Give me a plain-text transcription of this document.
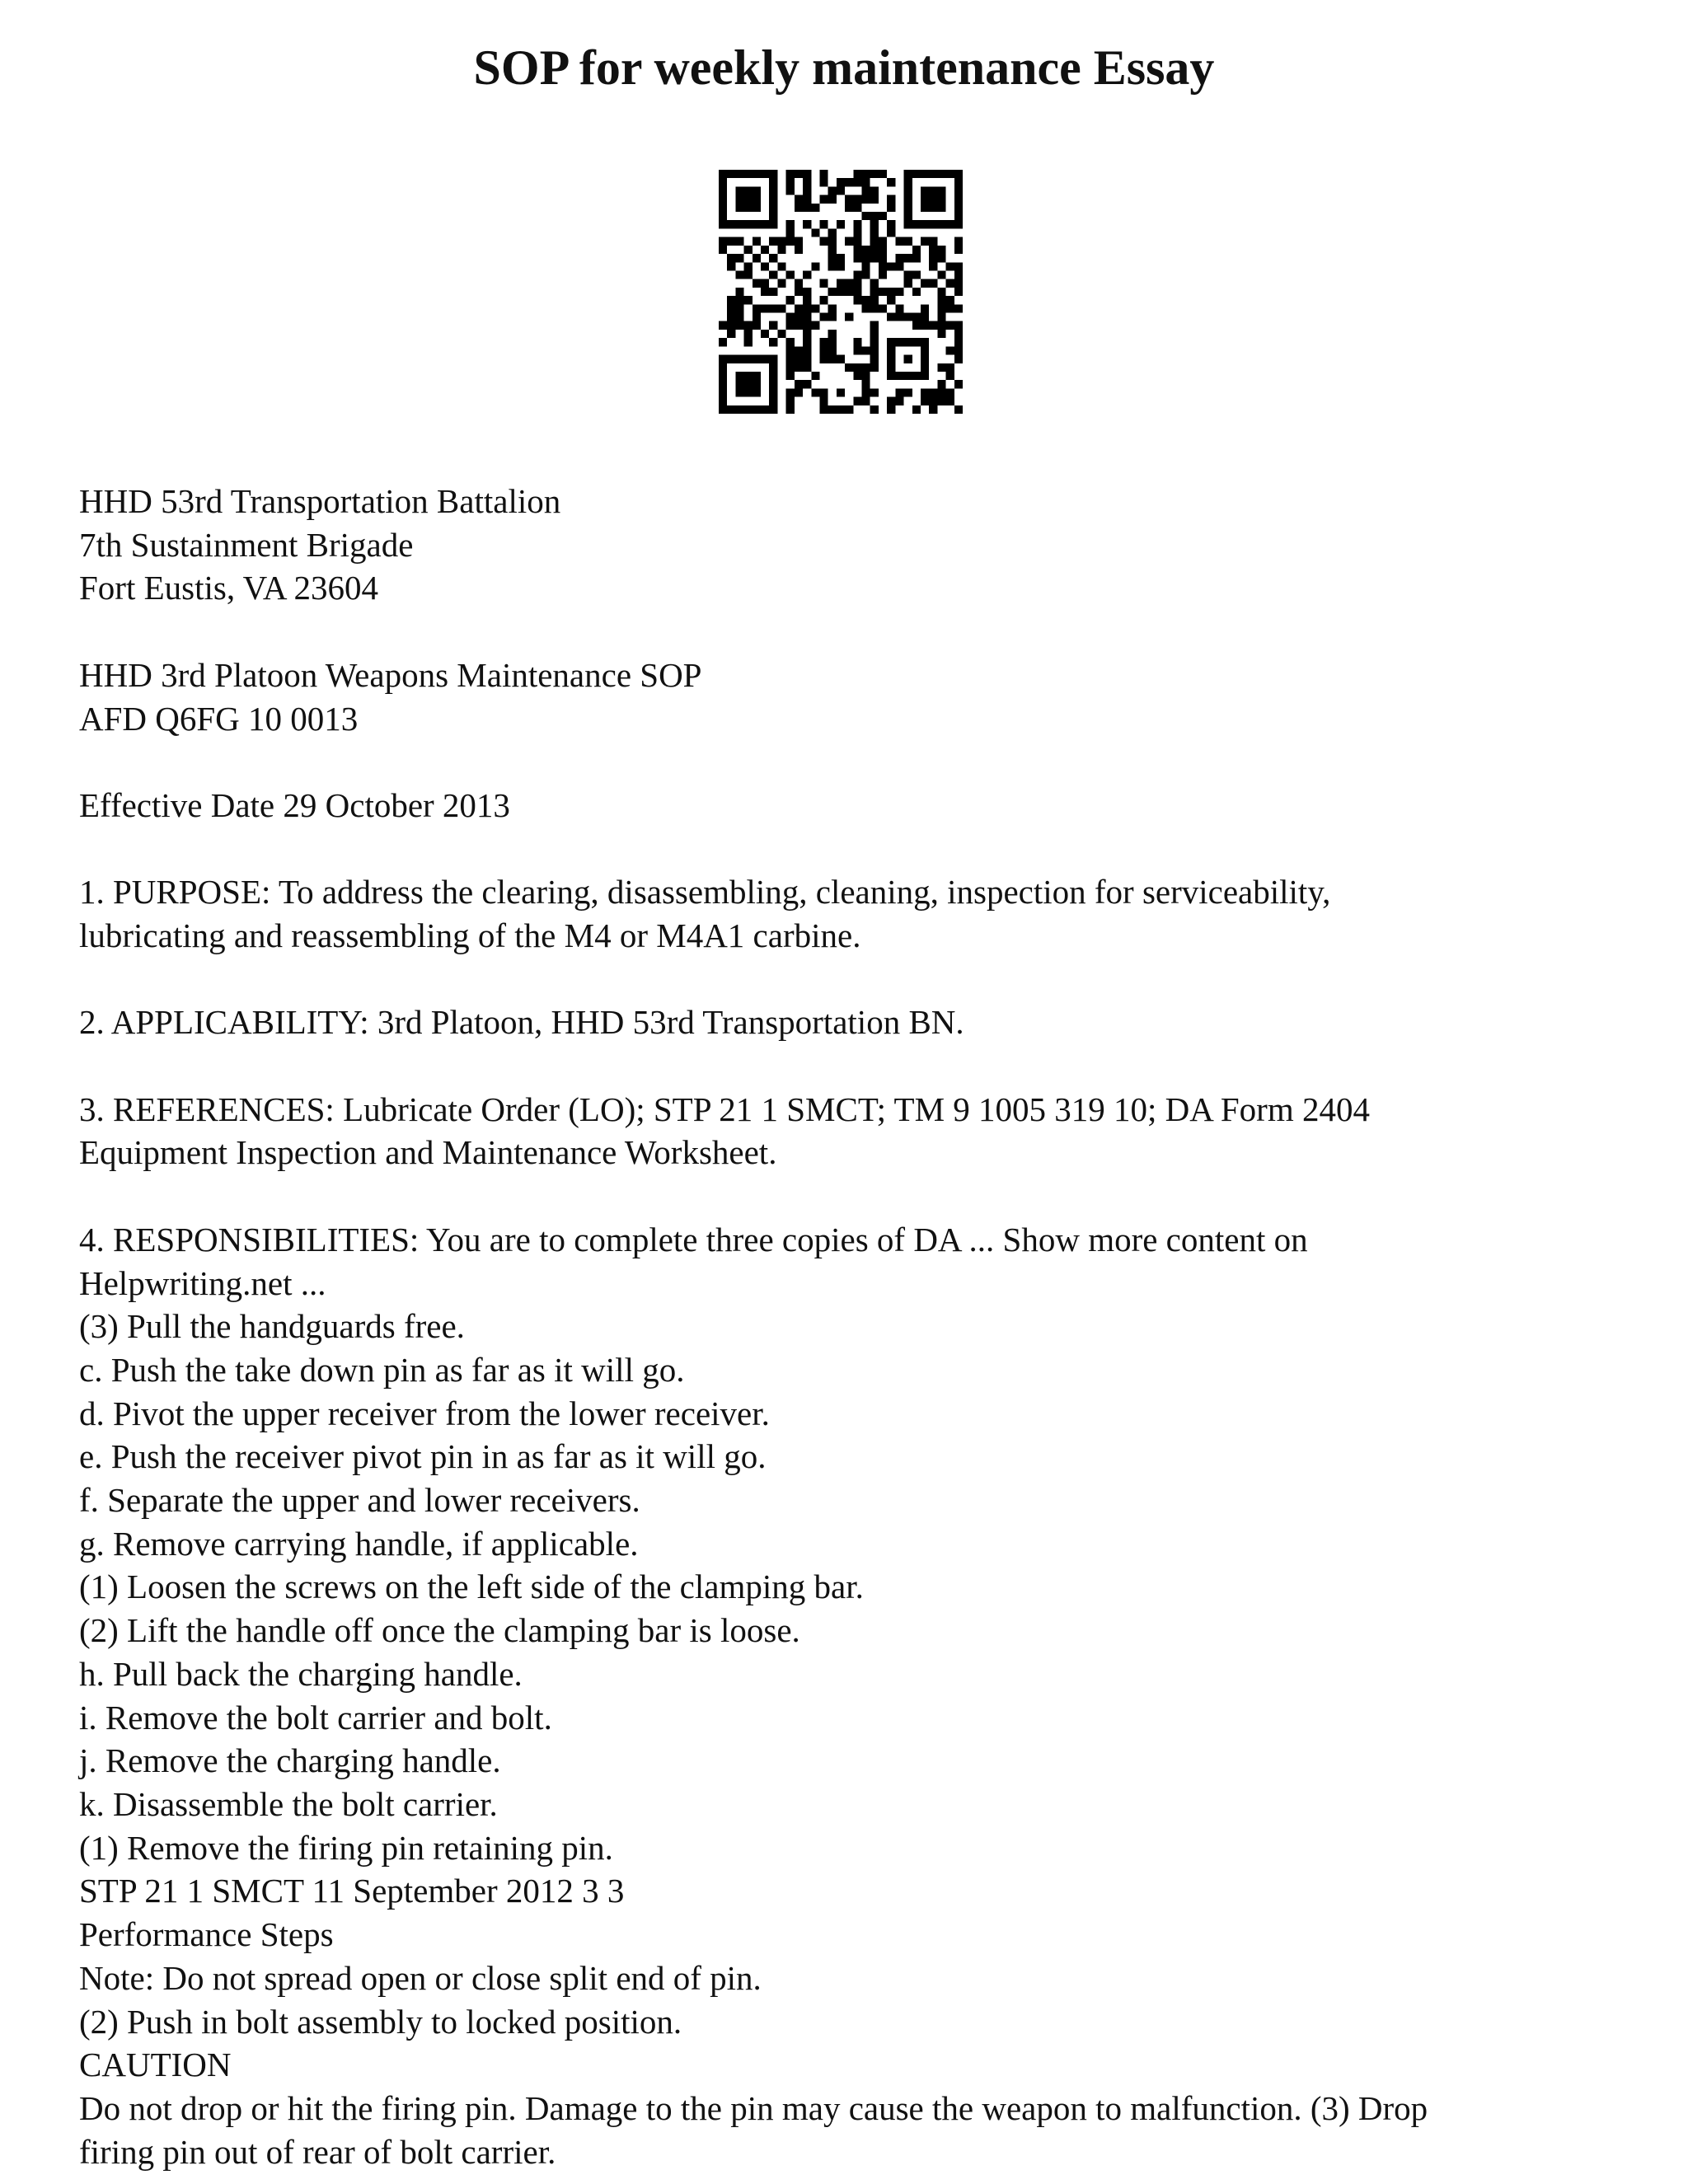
SOP for weekly maintenance Essay
HHD 53rd Transportation Battalion
7th Sustainment Brigade
Fort Eustis, VA 23604
HHD 3rd Platoon Weapons Maintenance SOP
AFD Q6FG 10 0013
Effective Date 29 October 2013
1. PURPOSE: To address the clearing, disassembling, cleaning, inspection for serviceability,
lubricating and reassembling of the M4 or M4A1 carbine.
2. APPLICABILITY: 3rd Platoon, HHD 53rd Transportation BN.
3. REFERENCES: Lubricate Order (LO); STP 21 1 SMCT; TM 9 1005 319 10; DA Form 2404
Equipment Inspection and Maintenance Worksheet.
4. RESPONSIBILITIES: You are to complete three copies of DA ... Show more content on
Helpwriting.net ...
(3) Pull the handguards free.
c. Push the take down pin as far as it will go.
d. Pivot the upper receiver from the lower receiver.
e. Push the receiver pivot pin in as far as it will go.
f. Separate the upper and lower receivers.
g. Remove carrying handle, if applicable.
(1) Loosen the screws on the left side of the clamping bar.
(2) Lift the handle off once the clamping bar is loose.
h. Pull back the charging handle.
i. Remove the bolt carrier and bolt.
j. Remove the charging handle.
k. Disassemble the bolt carrier.
(1) Remove the firing pin retaining pin.
STP 21 1 SMCT 11 September 2012 3 3
Performance Steps
Note: Do not spread open or close split end of pin.
(2) Push in bolt assembly to locked position.
CAUTION
Do not drop or hit the firing pin. Damage to the pin may cause the weapon to malfunction. (3) Drop
firing pin out of rear of bolt carrier.
